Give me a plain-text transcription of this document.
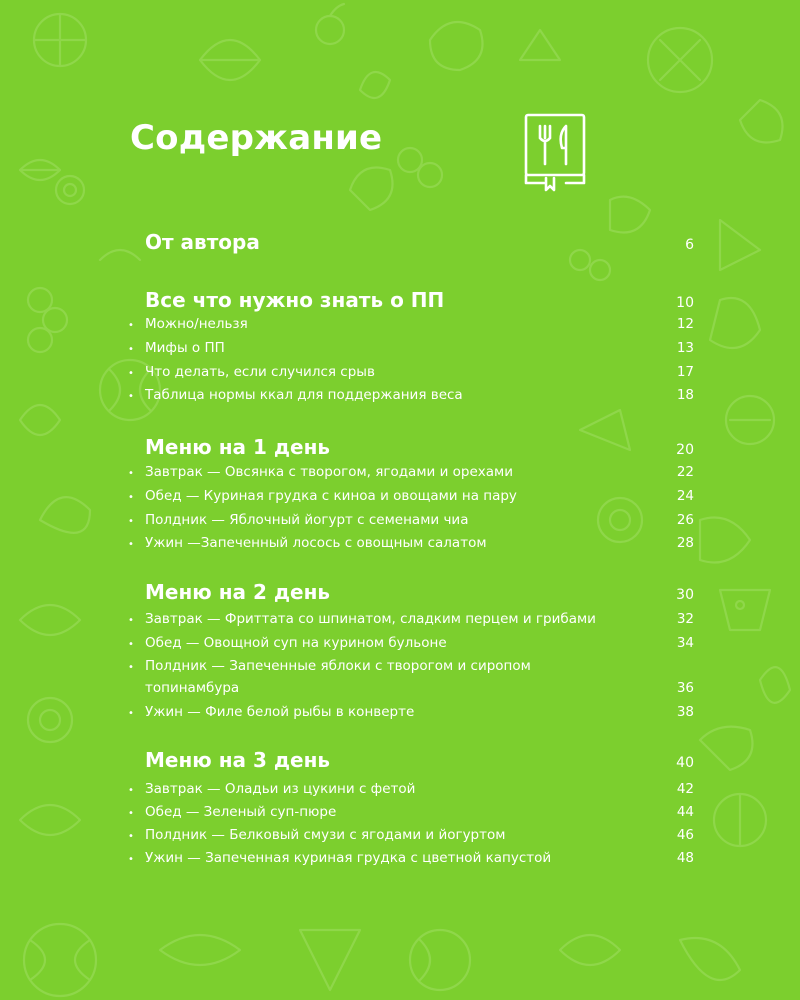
Содержание
От автора	6
Все что нужно знать о ПП	10
• Можно/нельзя	12
• Мифы о ПП	13
• Что делать, если случился срыв	17
• Таблица нормы ккал для поддержания веса	18
Меню на 1 день	20
• Завтрак — Овсянка с творогом, ягодами и орехами	22
• Обед — Куриная грудка с киноа и овощами на пару	24
• Полдник — Яблочный йогурт с семенами чиа	26
• Ужин —Запеченный лосось с овощным салатом	28
Меню на 2 день	30
• Завтрак — Фриттата со шпинатом, сладким перцем и грибами	32
• Обед — Овощной суп на курином бульоне	34
• Полдник — Запеченные яблоки с творогом и сиропом
топинамбура	36
• Ужин — Филе белой рыбы в конверте	38
Меню на 3 день	40
• Завтрак — Оладьи из цукини с фетой	42
• Обед — Зеленый суп-пюре	44
• Полдник — Белковый смузи с ягодами и йогуртом	46
• Ужин — Запеченная куриная грудка с цветной капустой	48
